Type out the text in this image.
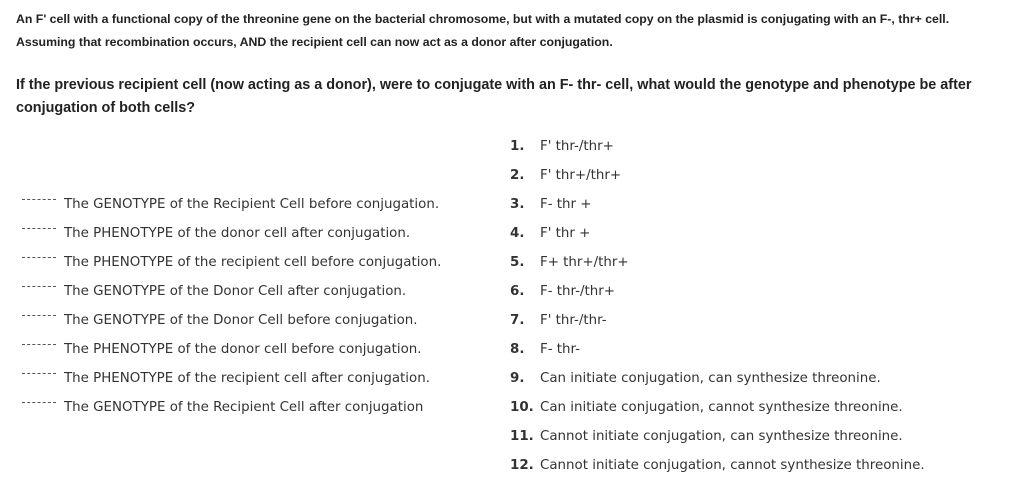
An F' cell with a functional copy of the threonine gene on the bacterial chromosome, but with a mutated copy on the plasmid is conjugating with an F-, thr+ cell. Assuming that recombination occurs, AND the recipient cell can now act as a donor after conjugation.

If the previous recipient cell (now acting as a donor), were to conjugate with an F- thr- cell, what would the genotype and phenotype be after conjugation of both cells?

The GENOTYPE of the Recipient Cell before conjugation.
The PHENOTYPE of the donor cell after conjugation.
The PHENOTYPE of the recipient cell before conjugation.
The GENOTYPE of the Donor Cell after conjugation.
The GENOTYPE of the Donor Cell before conjugation.
The PHENOTYPE of the donor cell before conjugation.
The PHENOTYPE of the recipient cell after conjugation.
The GENOTYPE of the Recipient Cell after conjugation
1. F' thr-/thr+
2. F' thr+/thr+
3. F- thr +
4. F' thr +
5. F+ thr+/thr+
6. F- thr-/thr+
7. F' thr-/thr-
8. F- thr-
9. Can initiate conjugation, can synthesize threonine.
10. Can initiate conjugation, cannot synthesize threonine.
11. Cannot initiate conjugation, can synthesize threonine.
12. Cannot initiate conjugation, cannot synthesize threonine.
